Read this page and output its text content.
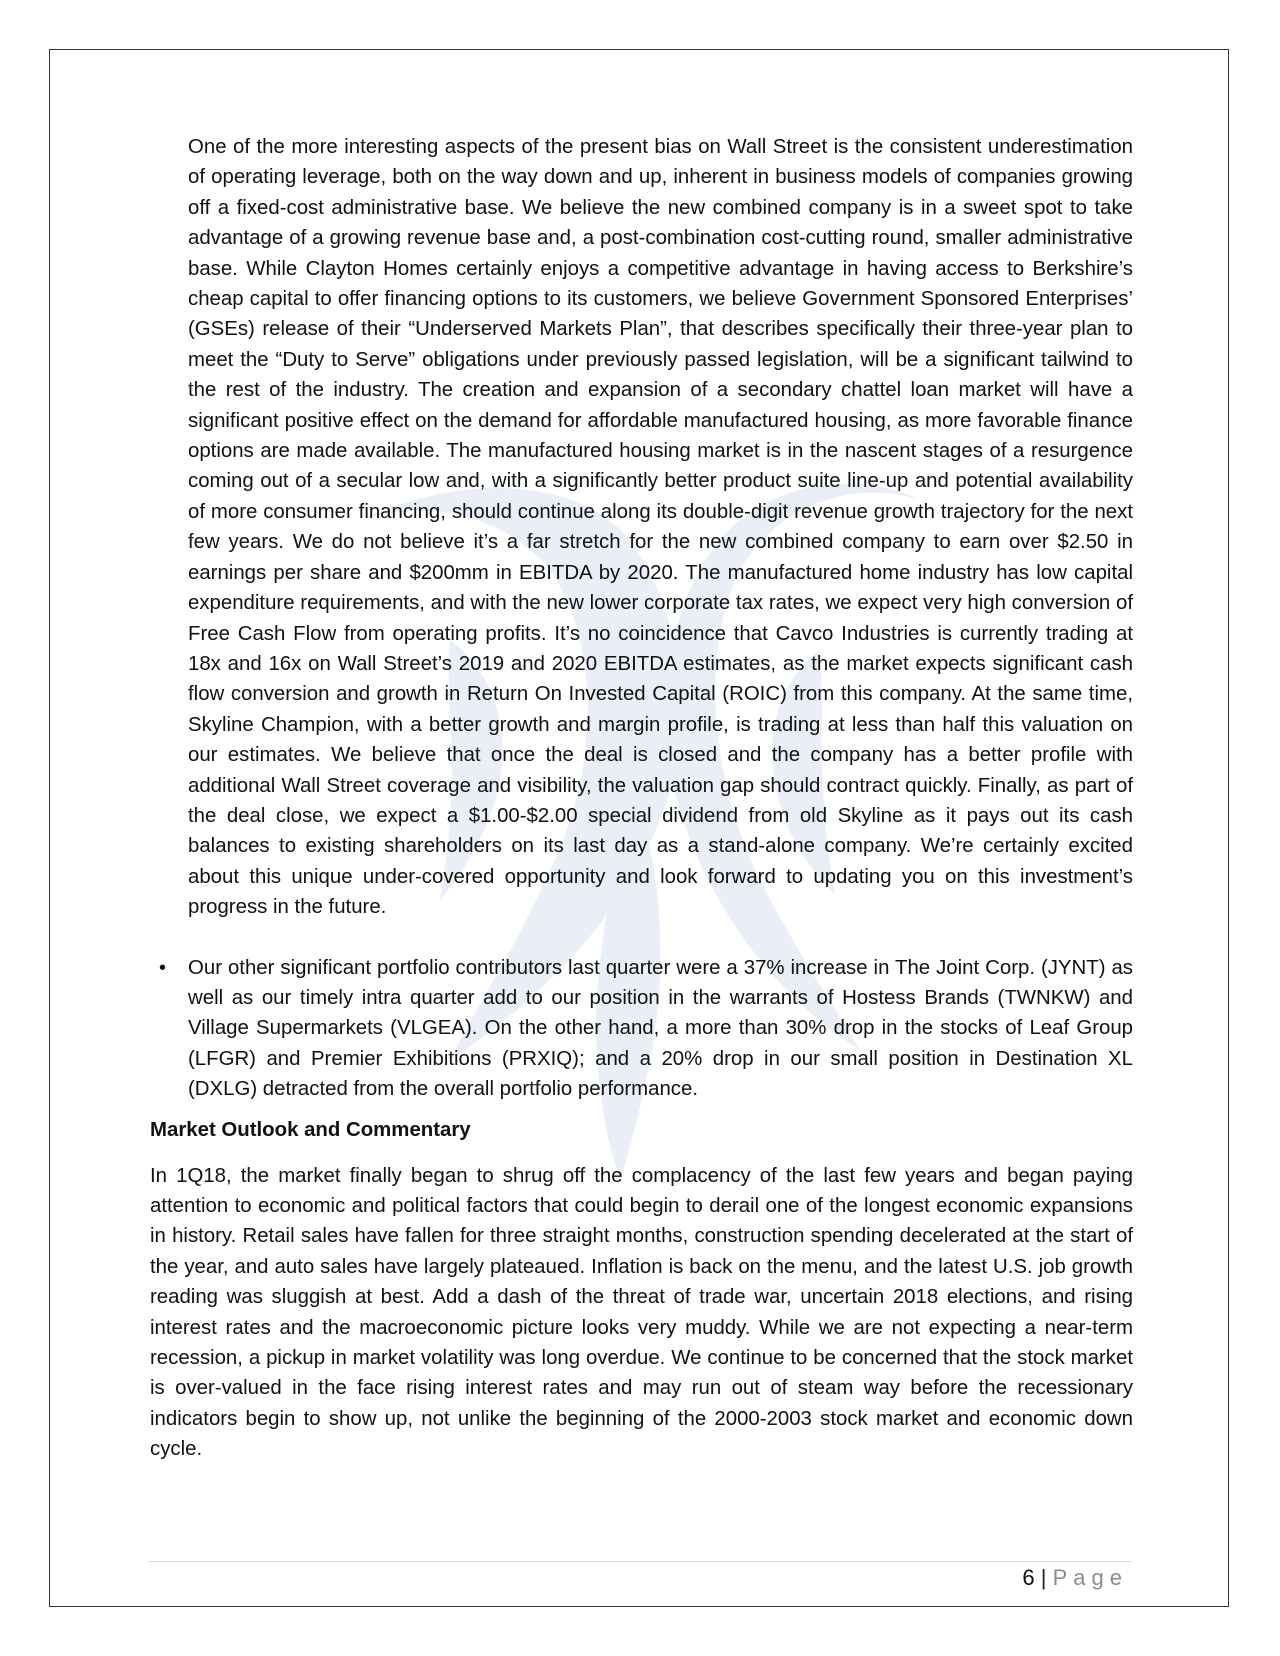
One of the more interesting aspects of the present bias on Wall Street is the consistent underestimation of operating leverage, both on the way down and up, inherent in business models of companies growing off a fixed-cost administrative base. We believe the new combined company is in a sweet spot to take advantage of a growing revenue base and, a post-combination cost-cutting round, smaller administrative base. While Clayton Homes certainly enjoys a competitive advantage in having access to Berkshire’s cheap capital to offer financing options to its customers, we believe Government Sponsored Enterprises’ (GSEs) release of their “Underserved Markets Plan”, that describes specifically their three-year plan to meet the “Duty to Serve” obligations under previously passed legislation, will be a significant tailwind to the rest of the industry. The creation and expansion of a secondary chattel loan market will have a significant positive effect on the demand for affordable manufactured housing, as more favorable finance options are made available. The manufactured housing market is in the nascent stages of a resurgence coming out of a secular low and, with a significantly better product suite line-up and potential availability of more consumer financing, should continue along its double-digit revenue growth trajectory for the next few years. We do not believe it’s a far stretch for the new combined company to earn over $2.50 in earnings per share and $200mm in EBITDA by 2020. The manufactured home industry has low capital expenditure requirements, and with the new lower corporate tax rates, we expect very high conversion of Free Cash Flow from operating profits. It’s no coincidence that Cavco Industries is currently trading at 18x and 16x on Wall Street’s 2019 and 2020 EBITDA estimates, as the market expects significant cash flow conversion and growth in Return On Invested Capital (ROIC) from this company. At the same time, Skyline Champion, with a better growth and margin profile, is trading at less than half this valuation on our estimates. We believe that once the deal is closed and the company has a better profile with additional Wall Street coverage and visibility, the valuation gap should contract quickly. Finally, as part of the deal close, we expect a $1.00-$2.00 special dividend from old Skyline as it pays out its cash balances to existing shareholders on its last day as a stand-alone company. We’re certainly excited about this unique under-covered opportunity and look forward to updating you on this investment’s progress in the future.

• Our other significant portfolio contributors last quarter were a 37% increase in The Joint Corp. (JYNT) as well as our timely intra quarter add to our position in the warrants of Hostess Brands (TWNKW) and Village Supermarkets (VLGEA). On the other hand, a more than 30% drop in the stocks of Leaf Group (LFGR) and Premier Exhibitions (PRXIQ); and a 20% drop in our small position in Destination XL (DXLG) detracted from the overall portfolio performance.

Market Outlook and Commentary

In 1Q18, the market finally began to shrug off the complacency of the last few years and began paying attention to economic and political factors that could begin to derail one of the longest economic expansions in history. Retail sales have fallen for three straight months, construction spending decelerated at the start of the year, and auto sales have largely plateaued. Inflation is back on the menu, and the latest U.S. job growth reading was sluggish at best. Add a dash of the threat of trade war, uncertain 2018 elections, and rising interest rates and the macroeconomic picture looks very muddy. While we are not expecting a near-term recession, a pickup in market volatility was long overdue. We continue to be concerned that the stock market is over-valued in the face rising interest rates and may run out of steam way before the recessionary indicators begin to show up, not unlike the beginning of the 2000-2003 stock market and economic down cycle.

6 | Page
